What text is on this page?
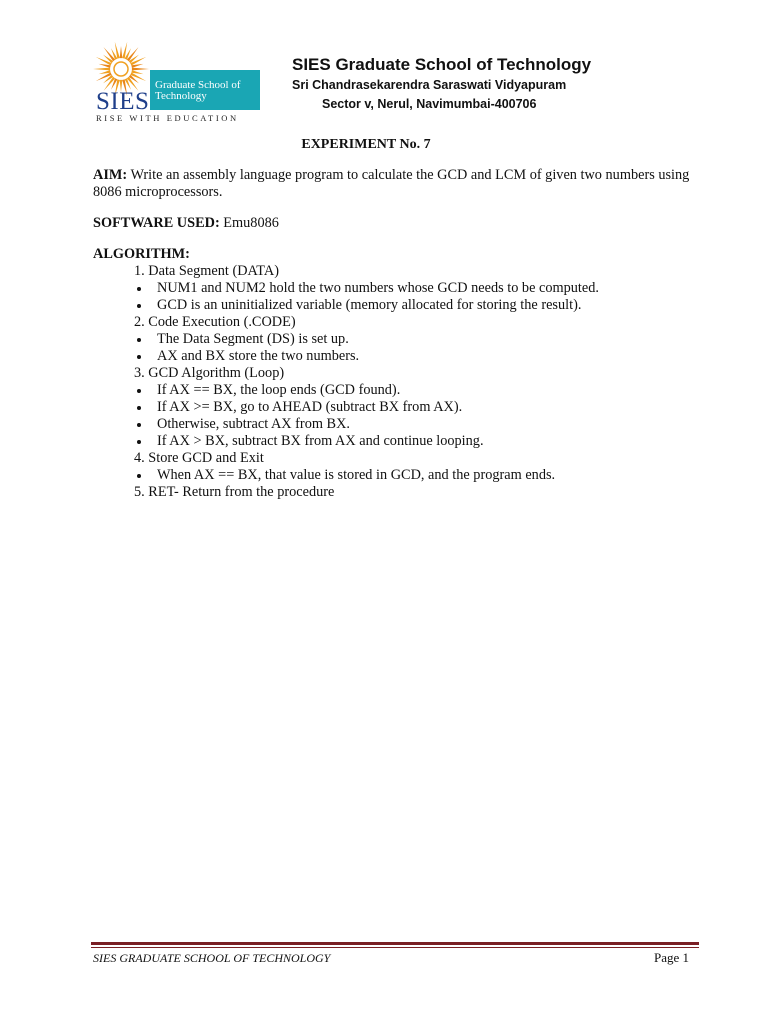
SIES
Graduate School of
Technology
RISE WITH EDUCATION
SIES Graduate School of Technology
Sri Chandrasekarendra Saraswati Vidyapuram
Sector v, Nerul, Navimumbai-400706
EXPERIMENT No. 7

AIM: Write an assembly language program to calculate the GCD and LCM of given two numbers using 8086 microprocessors.

SOFTWARE USED: Emu8086

ALGORITHM:
1. Data Segment (DATA)
NUM1 and NUM2 hold the two numbers whose GCD needs to be computed.
GCD is an uninitialized variable (memory allocated for storing the result).
2. Code Execution (.CODE)
The Data Segment (DS) is set up.
AX and BX store the two numbers.
3. GCD Algorithm (Loop)
If AX == BX, the loop ends (GCD found).
If AX >= BX, go to AHEAD (subtract BX from AX).
Otherwise, subtract AX from BX.
If AX > BX, subtract BX from AX and continue looping.
4. Store GCD and Exit
When AX == BX, that value is stored in GCD, and the program ends.
5. RET- Return from the procedure
SIES GRADUATE SCHOOL OF TECHNOLOGY	Page 1
